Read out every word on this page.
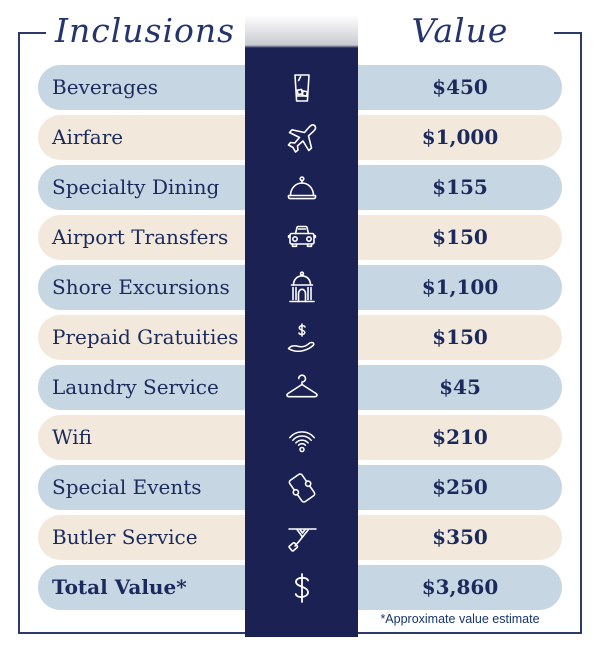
Inclusions	Value
Beverages	$450
Airfare	$1,000
Specialty Dining	$155
Airport Transfers	$150
Shore Excursions	$1,100
Prepaid Gratuities	$150
Laundry Service	$45
Wifi	$210
Special Events	$250
Butler Service	$350
Total Value*	$3,860
*Approximate value estimate
